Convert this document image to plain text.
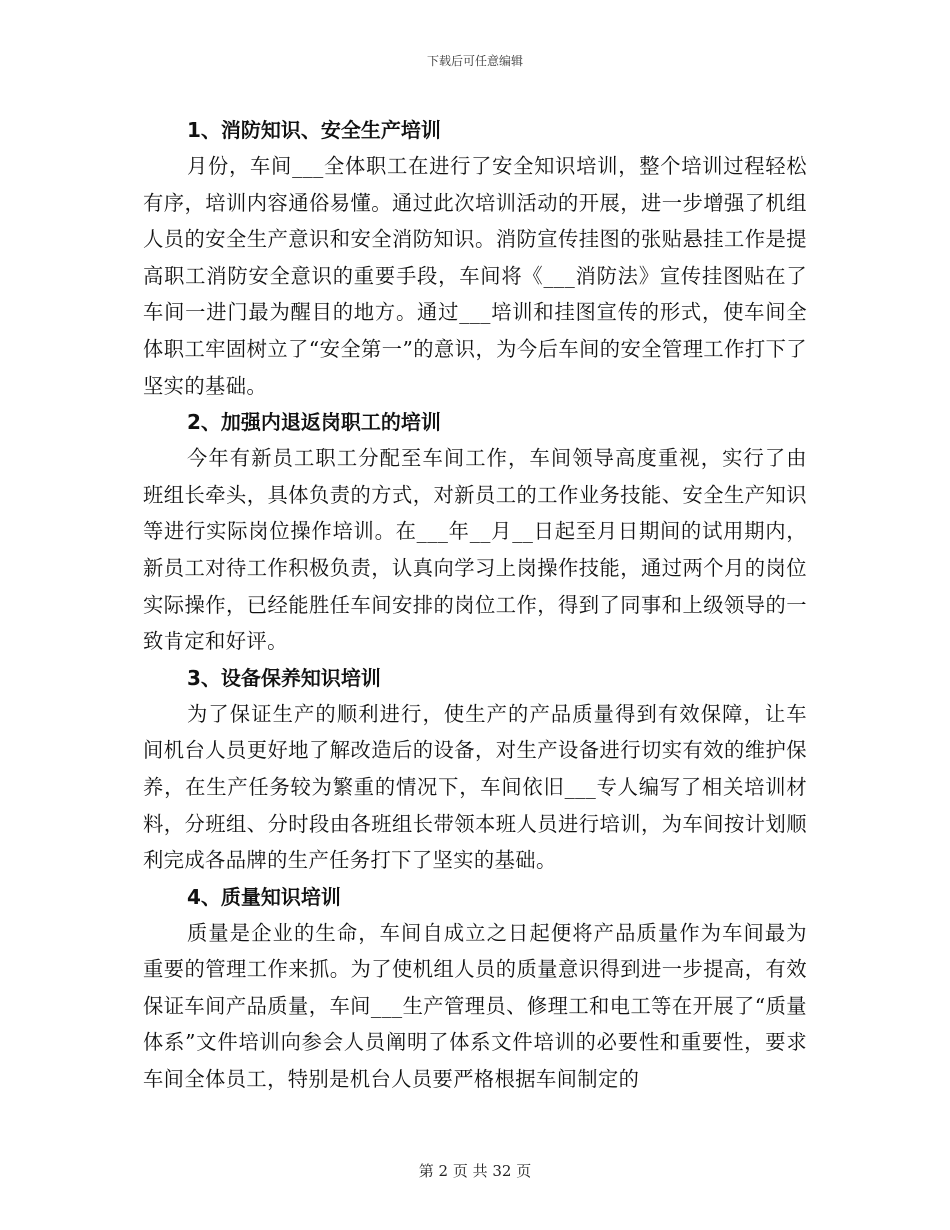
下载后可任意编辑
1、消防知识、安全生产培训

月份，车间___全体职工在进行了安全知识培训，整个培训过程轻松有序，培训内容通俗易懂。通过此次培训活动的开展，进一步增强了机组人员的安全生产意识和安全消防知识。消防宣传挂图的张贴悬挂工作是提高职工消防安全意识的重要手段，车间将《___消防法》宣传挂图贴在了车间一进门最为醒目的地方。通过___培训和挂图宣传的形式，使车间全体职工牢固树立了“安全第一”的意识，为今后车间的安全管理工作打下了坚实的基础。

2、加强内退返岗职工的培训

今年有新员工职工分配至车间工作，车间领导高度重视，实行了由班组长牵头，具体负责的方式，对新员工的工作业务技能、安全生产知识等进行实际岗位操作培训。在___年__月__日起至月日期间的试用期内，新员工对待工作积极负责，认真向学习上岗操作技能，通过两个月的岗位实际操作，已经能胜任车间安排的岗位工作，得到了同事和上级领导的一致肯定和好评。

3、设备保养知识培训

为了保证生产的顺利进行，使生产的产品质量得到有效保障，让车间机台人员更好地了解改造后的设备，对生产设备进行切实有效的维护保养，在生产任务较为繁重的情况下，车间依旧___专人编写了相关培训材料，分班组、分时段由各班组长带领本班人员进行培训，为车间按计划顺利完成各品牌的生产任务打下了坚实的基础。

4、质量知识培训

质量是企业的生命，车间自成立之日起便将产品质量作为车间最为重要的管理工作来抓。为了使机组人员的质量意识得到进一步提高，有效保证车间产品质量，车间___生产管理员、修理工和电工等在开展了“质量体系”文件培训向参会人员阐明了体系文件培训的必要性和重要性，要求车间全体员工，特别是机台人员要严格根据车间制定的

第 2 页 共 32 页
